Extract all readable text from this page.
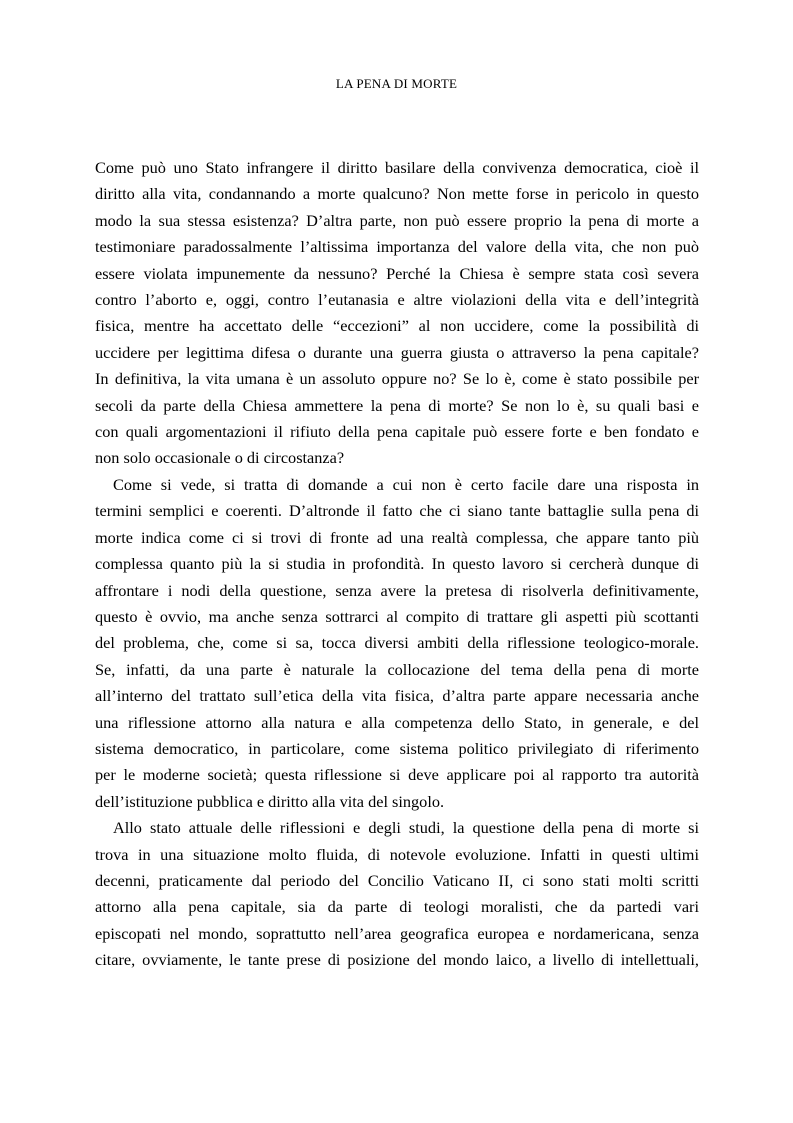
LA PENA DI MORTE
Come può uno Stato infrangere il diritto basilare della convivenza democratica, cioè il
diritto alla vita, condannando a morte qualcuno? Non mette forse in pericolo in questo
modo la sua stessa esistenza? D’altra parte, non può essere proprio la pena di morte a
testimoniare paradossalmente l’altissima importanza del valore della vita, che non può
essere violata impunemente da nessuno? Perché la Chiesa è sempre stata così severa
contro l’aborto e, oggi, contro l’eutanasia e altre violazioni della vita e dell’integrità
fisica, mentre ha accettato delle “eccezioni” al non uccidere, come la possibilità di
uccidere per legittima difesa o durante una guerra giusta o attraverso la pena capitale?
In definitiva, la vita umana è un assoluto oppure no? Se lo è, come è stato possibile per
secoli da parte della Chiesa ammettere la pena di morte? Se non lo è, su quali basi e
con quali argomentazioni il rifiuto della pena capitale può essere forte e ben fondato e
non solo occasionale o di circostanza?
Come si vede, si tratta di domande a cui non è certo facile dare una risposta in
termini semplici e coerenti. D’altronde il fatto che ci siano tante battaglie sulla pena di
morte indica come ci si trovi di fronte ad una realtà complessa, che appare tanto più
complessa quanto più la si studia in profondità. In questo lavoro si cercherà dunque di
affrontare i nodi della questione, senza avere la pretesa di risolverla definitivamente,
questo è ovvio, ma anche senza sottrarci al compito di trattare gli aspetti più scottanti
del problema, che, come si sa, tocca diversi ambiti della riflessione teologico-morale.
Se, infatti, da una parte è naturale la collocazione del tema della pena di morte
all’interno del trattato sull’etica della vita fisica, d’altra parte appare necessaria anche
una riflessione attorno alla natura e alla competenza dello Stato, in generale, e del
sistema democratico, in particolare, come sistema politico privilegiato di riferimento
per le moderne società; questa riflessione si deve applicare poi al rapporto tra autorità
dell’istituzione pubblica e diritto alla vita del singolo.
Allo stato attuale delle riflessioni e degli studi, la questione della pena di morte si
trova in una situazione molto fluida, di notevole evoluzione. Infatti in questi ultimi
decenni, praticamente dal periodo del Concilio Vaticano II, ci sono stati molti scritti
attorno alla pena capitale, sia da parte di teologi moralisti, che da partedi vari
episcopati nel mondo, soprattutto nell’area geografica europea e nordamericana, senza
citare, ovviamente, le tante prese di posizione del mondo laico, a livello di intellettuali,
